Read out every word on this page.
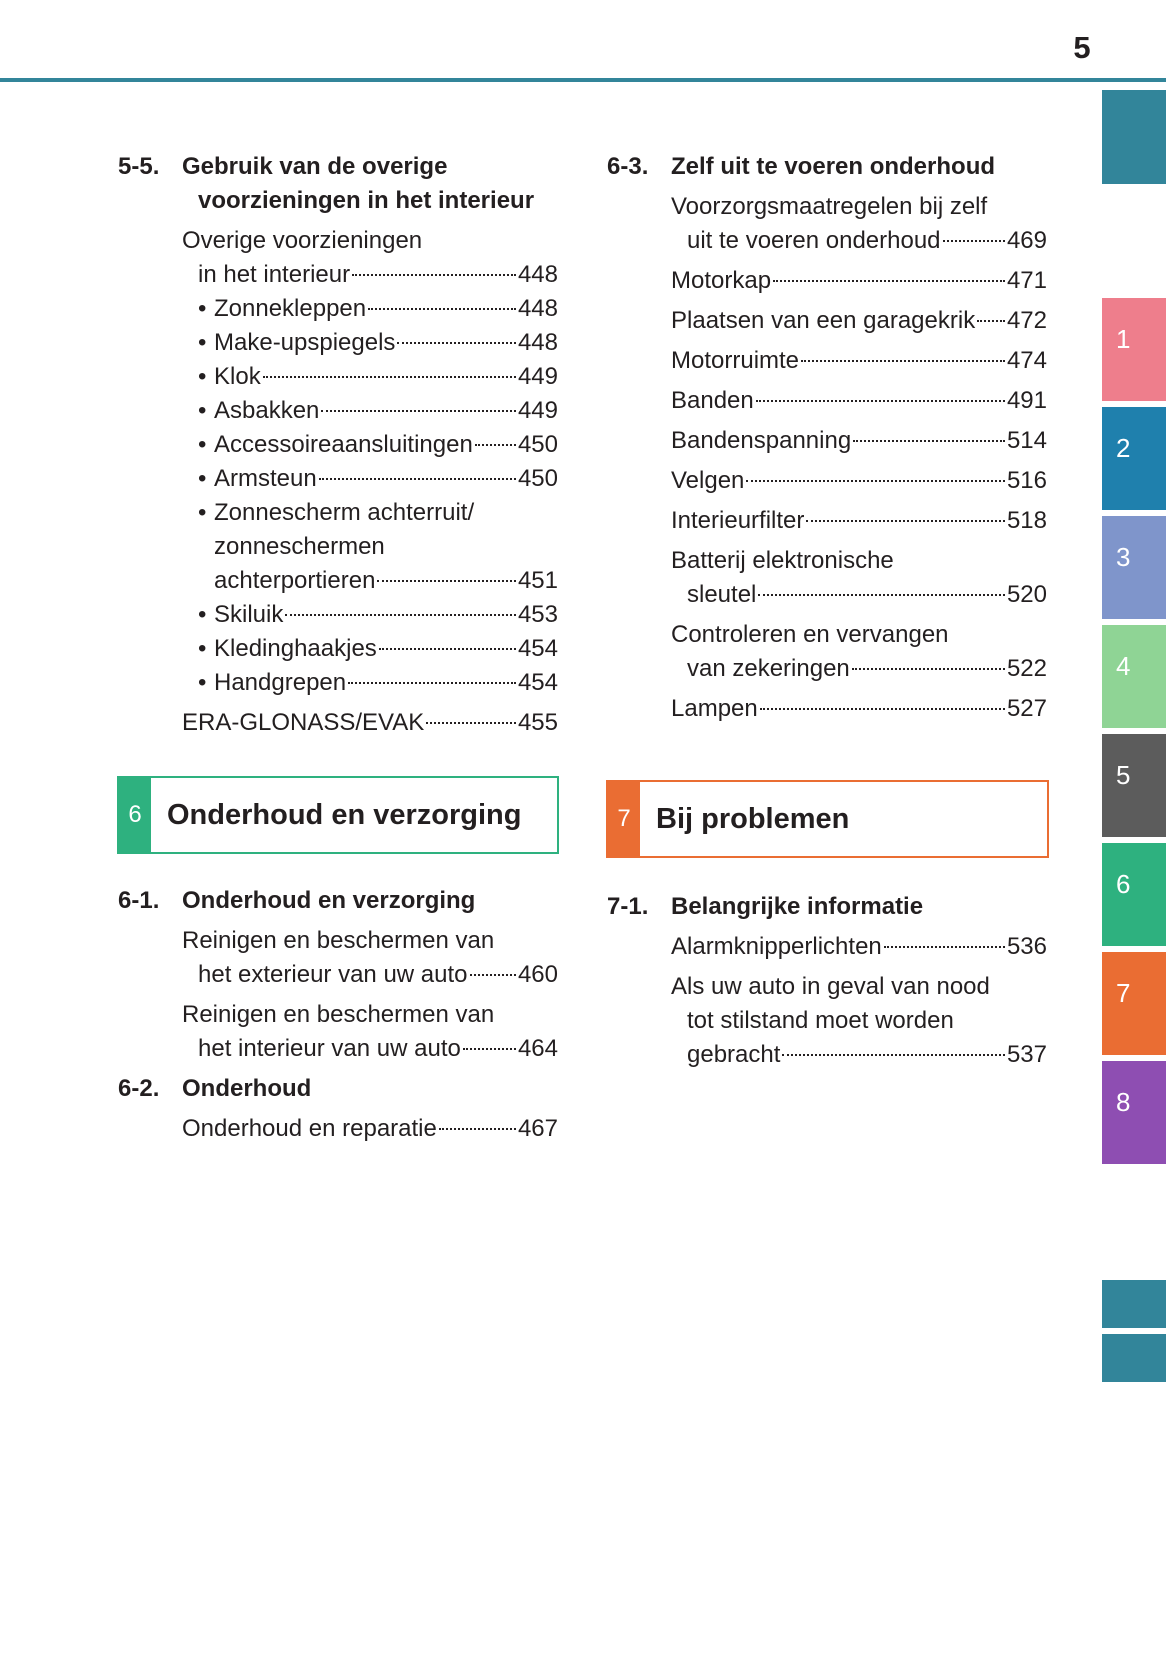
5
1
2
3
4
5
6
7
8
5-5. Gebruik van de overige
voorzieningen in het interieur
Overige voorzieningen
in het interieur	448
• Zonnekleppen	448
• Make-upspiegels	448
• Klok	449
• Asbakken	449
• Accessoireaansluitingen 450
• Armsteun	450
• Zonnescherm achterruit/
zonneschermen
achterportieren	451
• Skiluik	453
• Kledinghaakjes	454
• Handgrepen	454
ERA-GLONASS/EVAK	455
6 Onderhoud en verzorging
6-1. Onderhoud en verzorging
Reinigen en beschermen van
het exterieur van uw auto 460
Reinigen en beschermen van
het interieur van uw auto 464
6-2. Onderhoud
Onderhoud en reparatie	467
6-3. Zelf uit te voeren onderhoud
Voorzorgsmaatregelen bij zelf
uit te voeren onderhoud	469
Motorkap	471
Plaatsen van een garagekrik 472
Motorruimte	474
Banden	491
Bandenspanning	514
Velgen	516
Interieurfilter	518
Batterij elektronische
sleutel	520
Controleren en vervangen
van zekeringen	522
Lampen	527
7 Bij problemen
7-1. Belangrijke informatie
Alarmknipperlichten	536
Als uw auto in geval van nood
tot stilstand moet worden
gebracht	537
